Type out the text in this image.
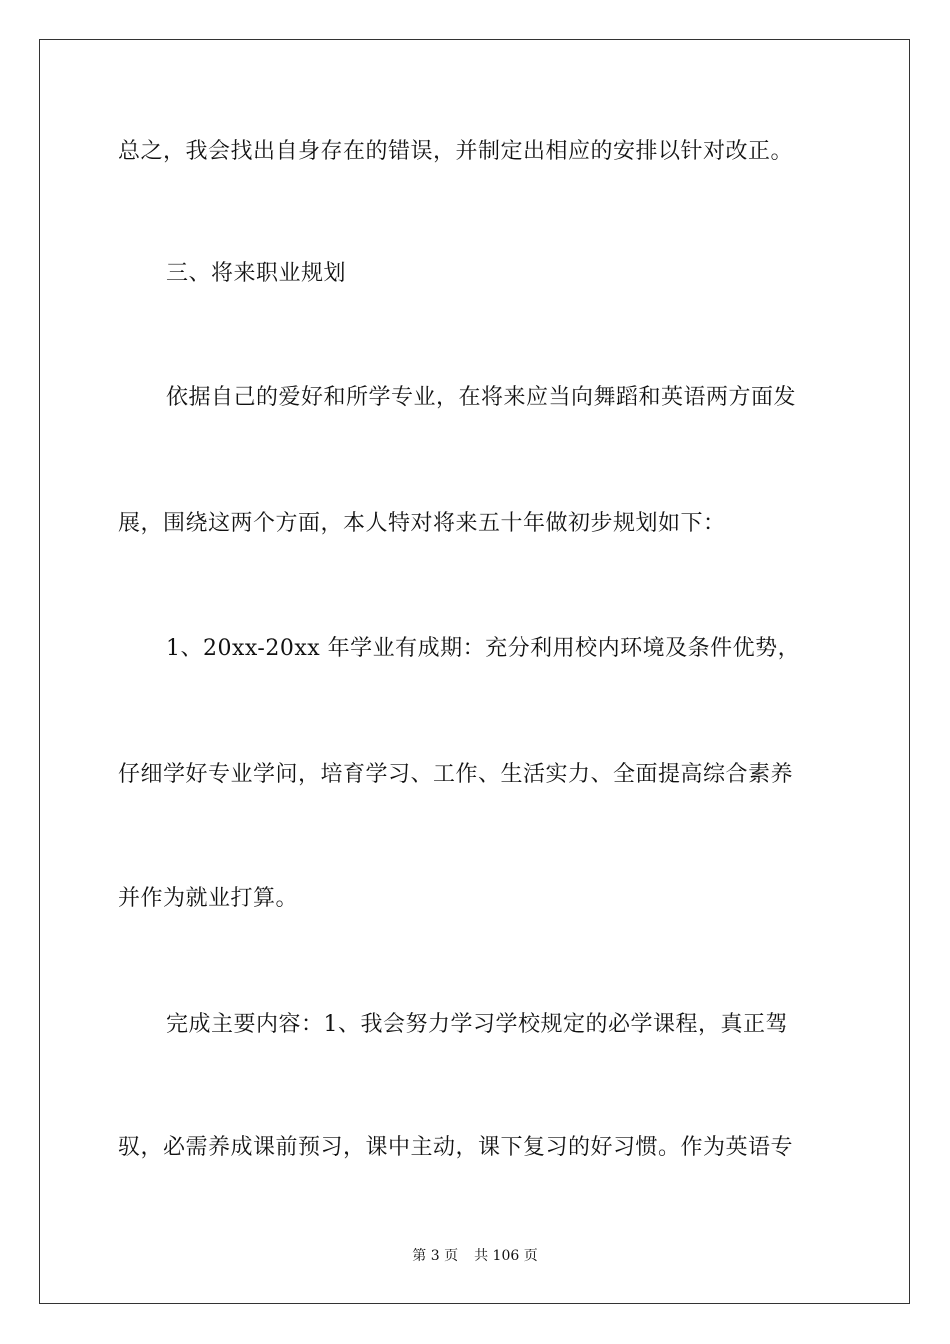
总之，我会找出自身存在的错误，并制定出相应的安排以针对改正。
三、将来职业规划
依据自己的爱好和所学专业，在将来应当向舞蹈和英语两方面发
展，围绕这两个方面，本人特对将来五十年做初步规划如下：
1、20xx-20xx 年学业有成期：充分利用校内环境及条件优势，
仔细学好专业学问，培育学习、工作、生活实力、全面提高综合素养
并作为就业打算。
完成主要内容：1、我会努力学习学校规定的必学课程，真正驾
驭，必需养成课前预习，课中主动，课下复习的好习惯。作为英语专
第 3 页 共 106 页
